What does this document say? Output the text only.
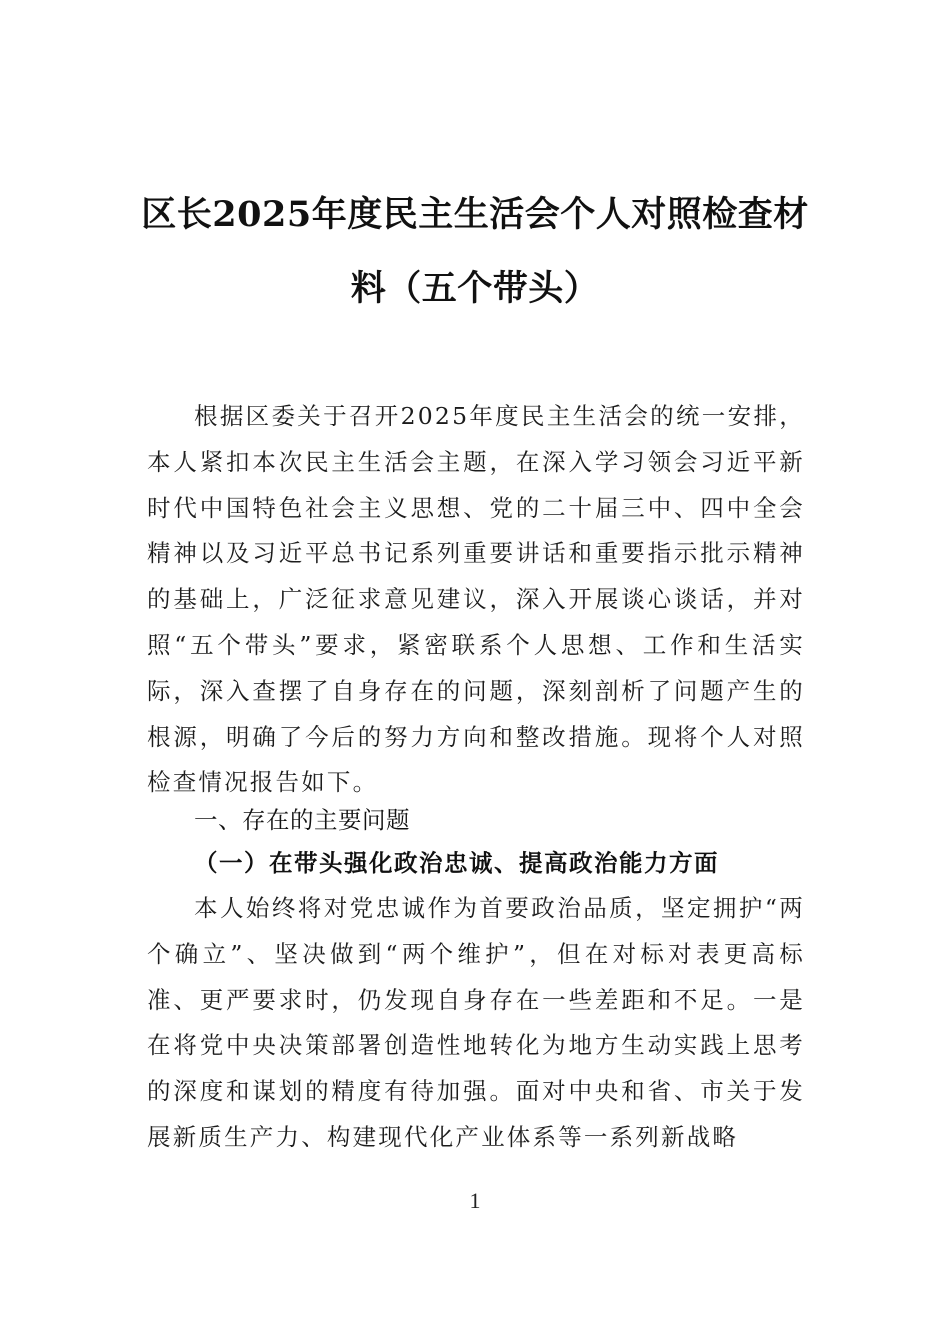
区长2025年度民主生活会个人对照检查材
料（五个带头）

根据区委关于召开2025年度民主生活会的统一安排，本人紧扣本次民主生活会主题，在深入学习领会习近平新时代中国特色社会主义思想、党的二十届三中、四中全会精神以及习近平总书记系列重要讲话和重要指示批示精神的基础上，广泛征求意见建议，深入开展谈心谈话，并对照“五个带头”要求，紧密联系个人思想、工作和生活实际，深入查摆了自身存在的问题，深刻剖析了问题产生的根源，明确了今后的努力方向和整改措施。现将个人对照检查情况报告如下。

一、存在的主要问题
（一）在带头强化政治忠诚、提高政治能力方面

本人始终将对党忠诚作为首要政治品质，坚定拥护“两个确立”、坚决做到“两个维护”，但在对标对表更高标准、更严要求时，仍发现自身存在一些差距和不足。一是在将党中央决策部署创造性地转化为地方生动实践上思考的深度和谋划的精度有待加强。面对中央和省、市关于发展新质生产力、构建现代化产业体系等一系列新战略

1
